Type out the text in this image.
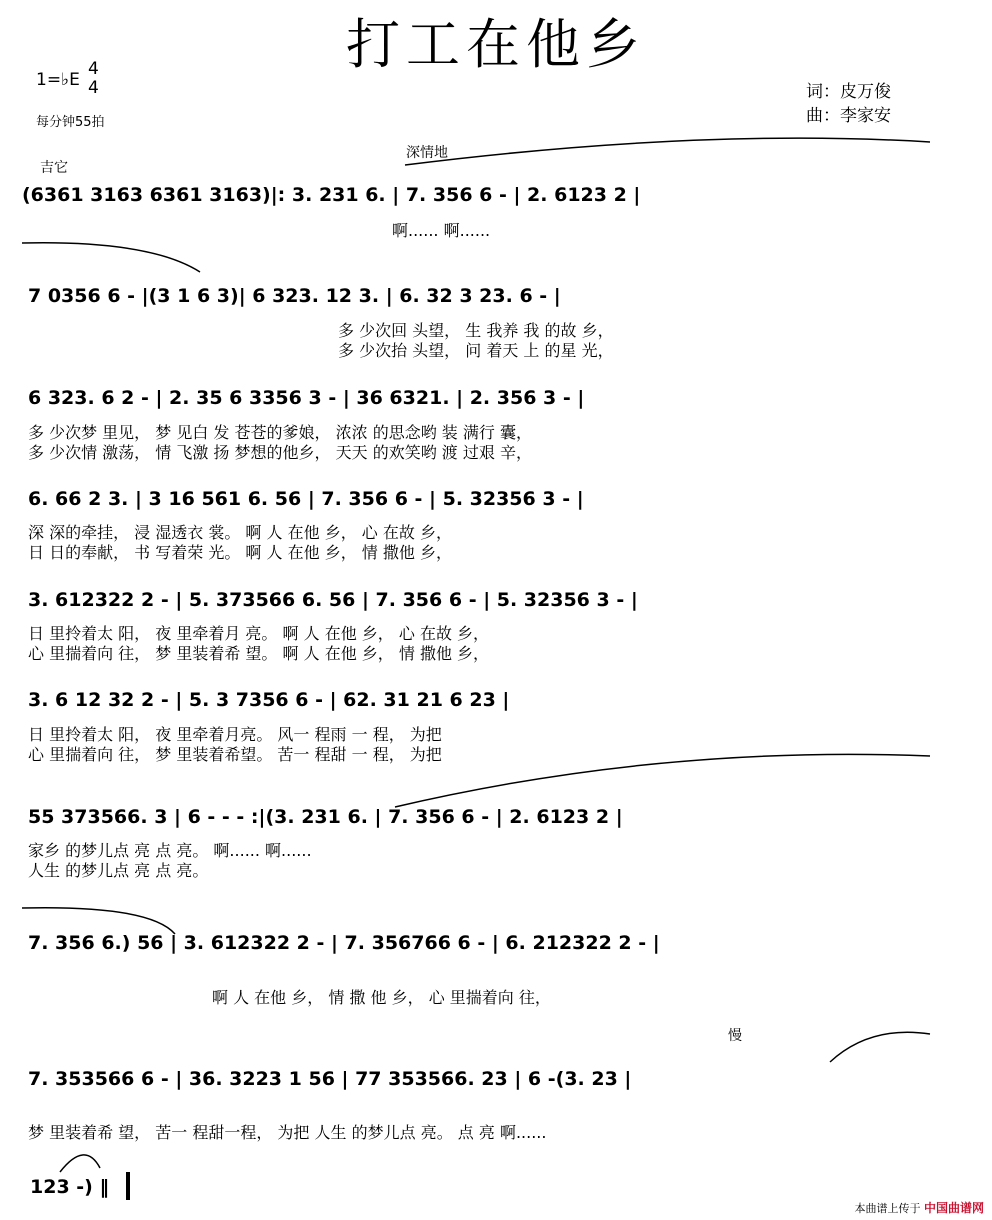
打工在他乡
1=♭E
4
4
每分钟55拍
词：皮万俊
曲：李家安
吉它
深情地
慢
(6361 3163 6361 3163)|: 3. 231 6. | 7. 356 6 - | 2. 6123 2 |
啊...... 啊......
7 0356 6 - |(3 1 6 3)| 6 323. 12 3. | 6. 32 3 23. 6 - |
多 少次回 头望， 生 我养 我 的故 乡，
多 少次抬 头望， 问 着天 上 的星 光，
6 323. 6 2 - | 2. 35 6 3356 3 - | 36 6321. | 2. 356 3 - |
多 少次梦 里见， 梦 见白 发 苍苍的爹娘， 浓浓 的思念哟 装 满行 囊，
多 少次情 激荡， 情 飞激 扬 梦想的他乡， 天天 的欢笑哟 渡 过艰 辛，
6. 66 2 3. | 3 16 561 6. 56 | 7. 356 6 - | 5. 32356 3 - |
深 深的牵挂， 浸 湿透衣 裳。 啊 人 在他 乡， 心 在故 乡，
日 日的奉献， 书 写着荣 光。 啊 人 在他 乡， 情 撒他 乡，
3. 612322 2 - | 5. 373566 6. 56 | 7. 356 6 - | 5. 32356 3 - |
日 里拎着太 阳， 夜 里牵着月 亮。 啊 人 在他 乡， 心 在故 乡，
心 里揣着向 往， 梦 里装着希 望。 啊 人 在他 乡， 情 撒他 乡，
3. 6 12 32 2 - | 5. 3 7356 6 - | 62. 31 21 6 23 |
日 里拎着太 阳， 夜 里牵着月亮。 风一 程雨 一 程， 为把
心 里揣着向 往， 梦 里装着希望。 苦一 程甜 一 程， 为把
55 373566. 3 | 6 - - - :|(3. 231 6. | 7. 356 6 - | 2. 6123 2 |
家乡 的梦儿点 亮 点 亮。 啊...... 啊......
人生 的梦儿点 亮 点 亮。
7. 356 6.) 56 | 3. 612322 2 - | 7. 356766 6 - | 6. 212322 2 - |
啊 人 在他 乡， 情 撒 他 乡， 心 里揣着向 往，
7. 353566 6 - | 36. 3223 1 56 | 77 353566. 23 | 6 -(3. 23 |
梦 里装着希 望， 苦一 程甜一程， 为把 人生 的梦儿点 亮。 点 亮 啊......
123 -) ‖
本曲谱上传于 中国曲谱网
